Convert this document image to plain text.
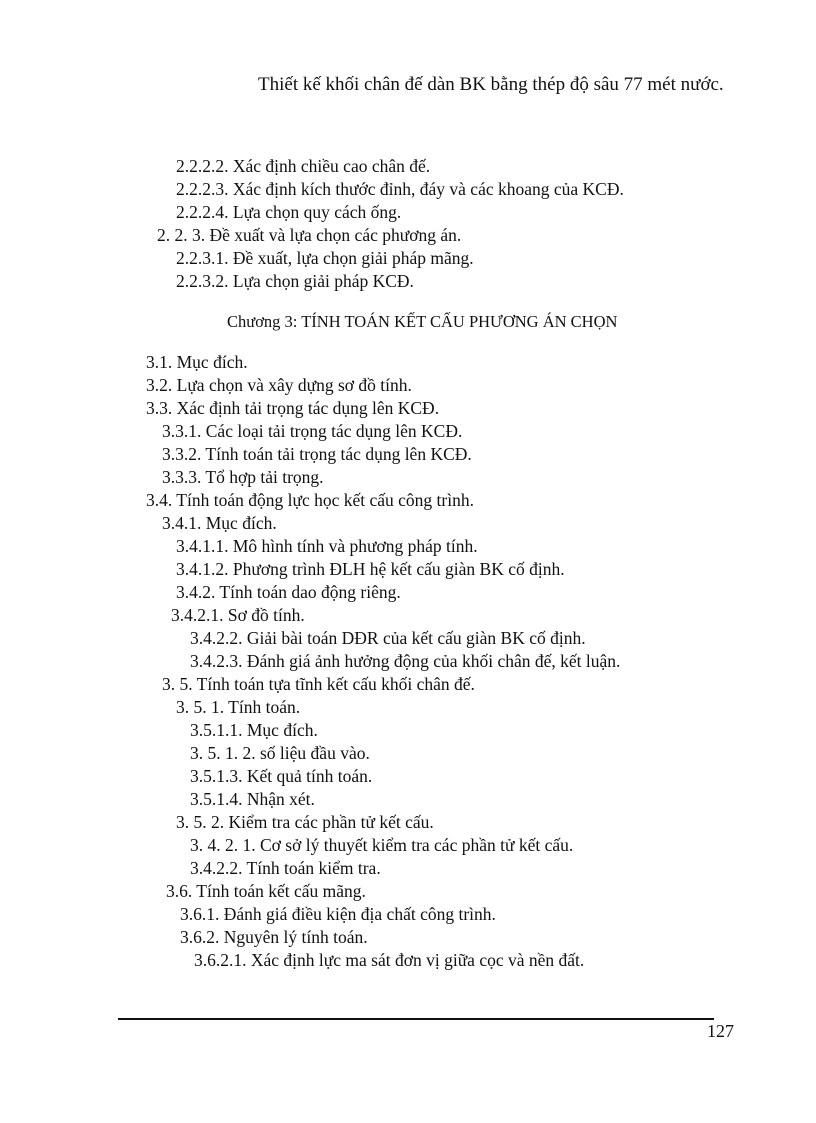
Thiết kế khối chân đế dàn BK bằng thép độ sâu 77 mét nước.
2.2.2.2. Xác định chiều cao chân đế.
2.2.2.3. Xác định kích thước đỉnh, đáy và các khoang của KCĐ.
2.2.2.4. Lựa chọn quy cách ống.
2. 2. 3. Đề xuất và lựa chọn các phương án.
2.2.3.1. Đề xuất, lựa chọn giải pháp mãng.
2.2.3.2. Lựa chọn giải pháp KCĐ.
Chương 3: TÍNH TOÁN KẾT CẤU PHƯƠNG ÁN CHỌN
3.1. Mục đích.
3.2. Lựa chọn và xây dựng sơ đồ tính.
3.3. Xác định tải trọng tác dụng lên KCĐ.
3.3.1. Các loại tải trọng tác dụng lên KCĐ.
3.3.2. Tính toán tải trọng tác dụng lên KCĐ.
3.3.3. Tổ hợp tải trọng.
3.4. Tính toán động lực học kết cấu công trình.
3.4.1. Mục đích.
3.4.1.1. Mô hình tính và phương pháp tính.
3.4.1.2. Phương trình ĐLH hệ kết cấu giàn BK cố định.
3.4.2. Tính toán dao động riêng.
3.4.2.1. Sơ đồ tính.
3.4.2.2. Giải bài toán DĐR của kết cấu giàn BK cố định.
3.4.2.3. Đánh giá ảnh hưởng động của khối chân đế, kết luận.
3. 5. Tính toán tựa tĩnh kết cấu khối chân đế.
3. 5. 1. Tính toán.
3.5.1.1. Mục đích.
3. 5. 1. 2. số liệu đầu vào.
3.5.1.3. Kết quả tính toán.
3.5.1.4. Nhận xét.
3. 5. 2. Kiểm tra các phần tử kết cấu.
3. 4. 2. 1. Cơ sở lý thuyết kiểm tra các phần tử kết cấu.
3.4.2.2. Tính toán kiểm tra.
3.6. Tính toán kết cấu mãng.
3.6.1. Đánh giá điều kiện địa chất công trình.
3.6.2. Nguyên lý tính toán.
3.6.2.1. Xác định lực ma sát đơn vị giữa cọc và nền đất.
127
